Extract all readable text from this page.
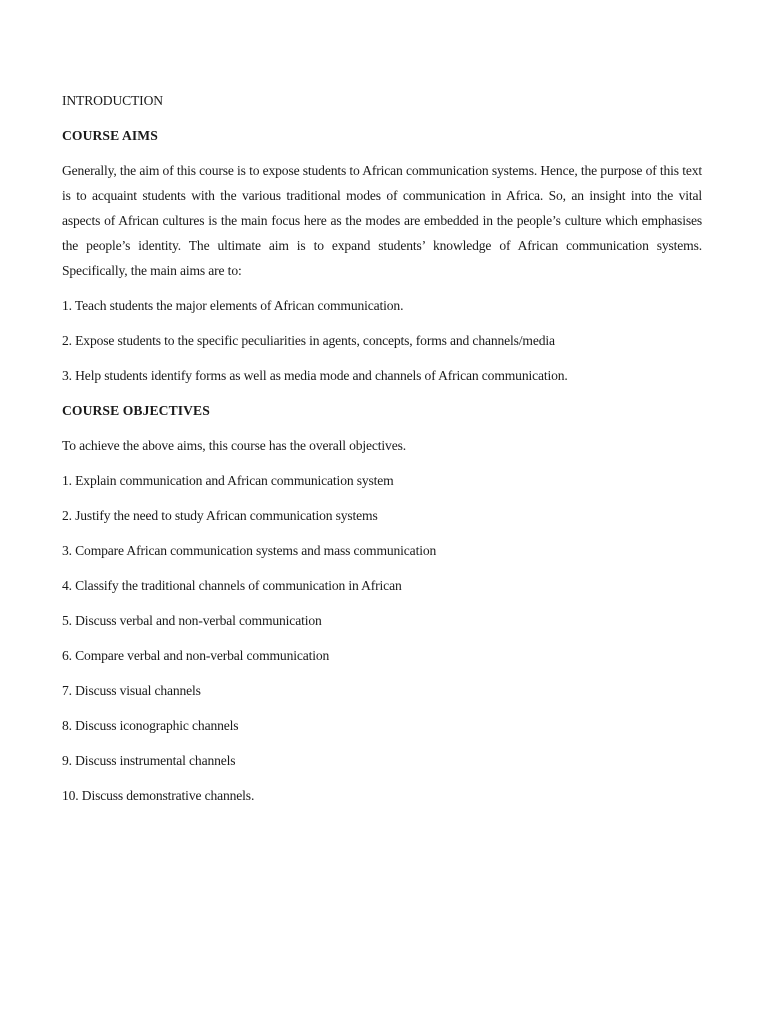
INTRODUCTION

COURSE AIMS

Generally, the aim of this course is to expose students to African communication systems. Hence, the purpose of this text is to acquaint students with the various traditional modes of communication in Africa. So, an insight into the vital aspects of African cultures is the main focus here as the modes are embedded in the people’s culture which emphasises the people’s identity. The ultimate aim is to expand students’ knowledge of African communication systems. Specifically, the main aims are to:

1. Teach students the major elements of African communication.
2. Expose students to the specific peculiarities in agents, concepts, forms and channels/media
3. Help students identify forms as well as media mode and channels of African communication.

COURSE OBJECTIVES

To achieve the above aims, this course has the overall objectives.

1. Explain communication and African communication system
2. Justify the need to study African communication systems
3. Compare African communication systems and mass communication
4. Classify the traditional channels of communication in African
5. Discuss verbal and non-verbal communication
6. Compare verbal and non-verbal communication
7. Discuss visual channels
8. Discuss iconographic channels
9. Discuss instrumental channels
10. Discuss demonstrative channels.
